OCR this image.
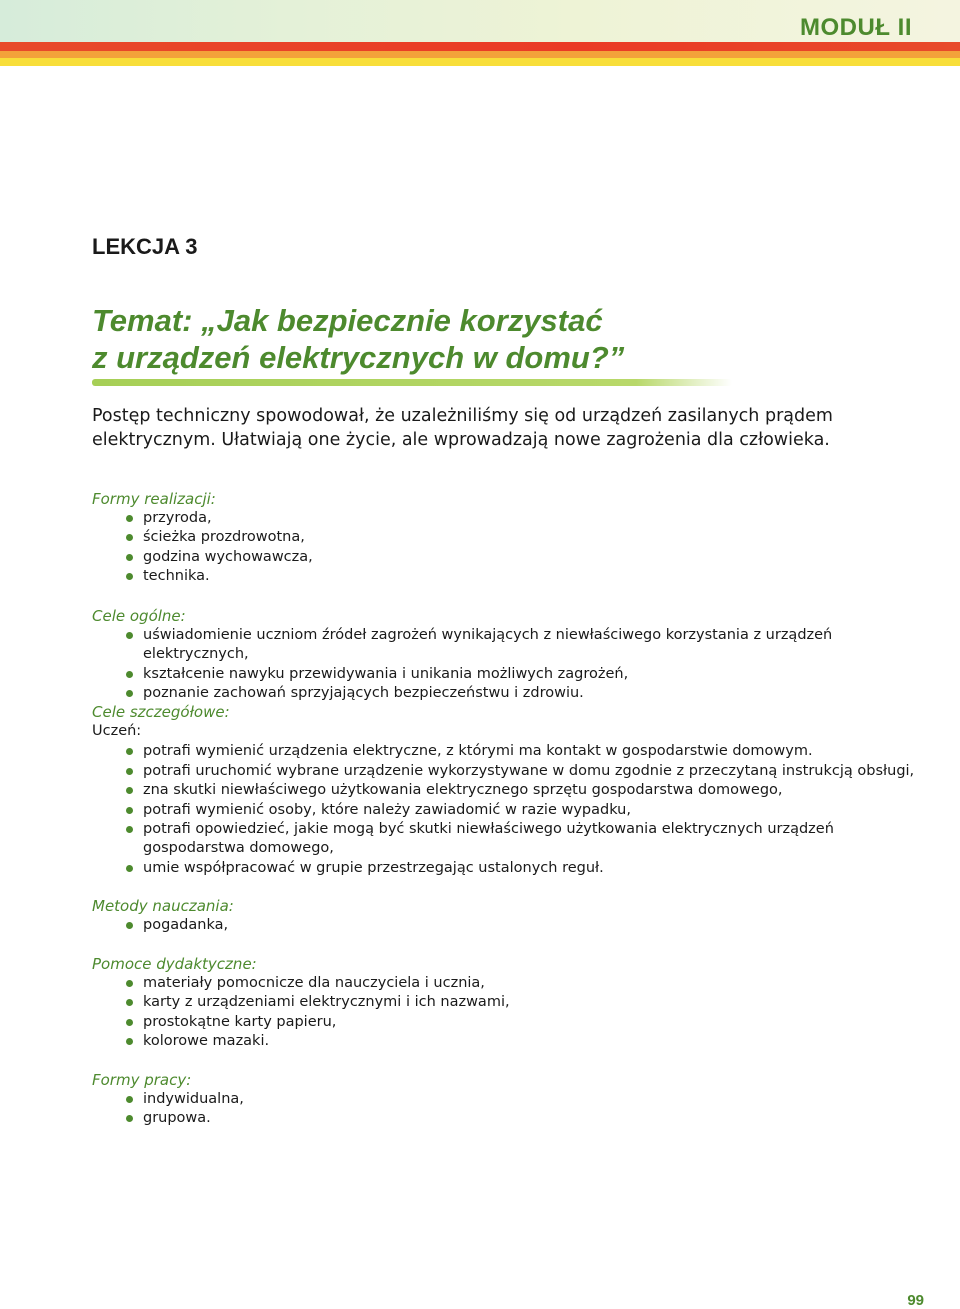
MODUŁ II
LEKCJA 3
Temat: „Jak bezpiecznie korzystać
z urządzeń elektrycznych w domu?”
Postęp techniczny spowodował, że uzależniliśmy się od urządzeń zasilanych prądem
elektrycznym. Ułatwiają one życie, ale wprowadzają nowe zagrożenia dla człowieka.
Formy realizacji:
przyroda,
ścieżka prozdrowotna,
godzina wychowawcza,
technika.
Cele ogólne:
uświadomienie uczniom źródeł zagrożeń wynikających z niewłaściwego korzystania z urządzeń elektrycznych,
kształcenie nawyku przewidywania i unikania możliwych zagrożeń,
poznanie zachowań sprzyjających bezpieczeństwu i zdrowiu.
Cele szczegółowe:
Uczeń:
potrafi wymienić urządzenia elektryczne, z którymi ma kontakt w gospodarstwie domowym.
potrafi uruchomić wybrane urządzenie wykorzystywane w domu zgodnie z przeczytaną instrukcją obsługi,
zna skutki niewłaściwego użytkowania elektrycznego sprzętu gospodarstwa domowego,
potrafi wymienić osoby, które należy zawiadomić w razie wypadku,
potrafi opowiedzieć, jakie mogą być skutki niewłaściwego użytkowania elektrycznych urządzeń gospodarstwa domowego,
umie współpracować w grupie przestrzegając ustalonych reguł.
Metody nauczania:
pogadanka,
Pomoce dydaktyczne:
materiały pomocnicze dla nauczyciela i ucznia,
karty z urządzeniami elektrycznymi i ich nazwami,
prostokątne karty papieru,
kolorowe mazaki.
Formy pracy:
indywidualna,
grupowa.
99
